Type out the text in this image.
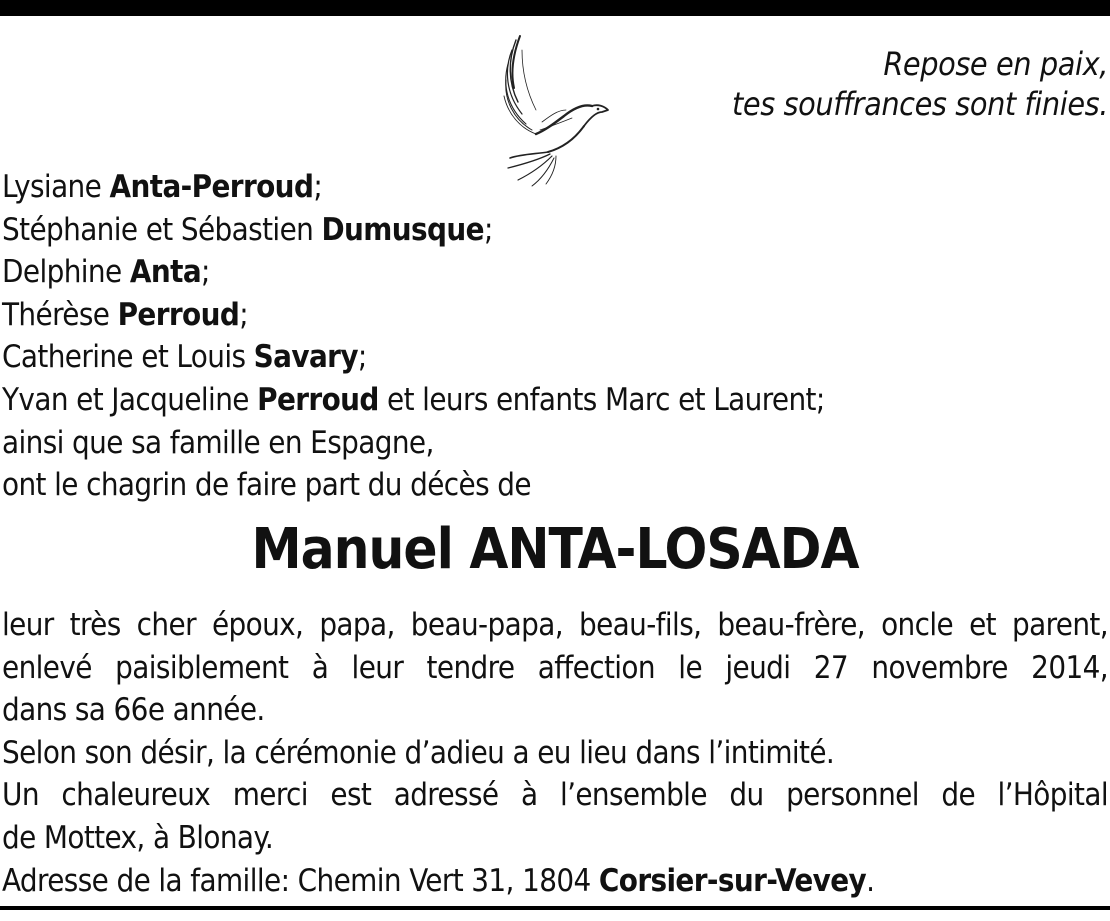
Repose en paix,
tes souffrances sont finies.
Lysiane Anta-Perroud;
Stéphanie et Sébastien Dumusque;
Delphine Anta;
Thérèse Perroud;
Catherine et Louis Savary;
Yvan et Jacqueline Perroud et leurs enfants Marc et Laurent;
ainsi que sa famille en Espagne,
ont le chagrin de faire part du décès de
Manuel ANTA-LOSADA
leur très cher époux, papa, beau-papa, beau-fils, beau-frère, oncle et parent,
enlevé paisiblement à leur tendre affection le jeudi 27 novembre 2014,
dans sa 66e année.
Selon son désir, la cérémonie d’adieu a eu lieu dans l’intimité.
Un chaleureux merci est adressé à l’ensemble du personnel de l’Hôpital
de Mottex, à Blonay.
Adresse de la famille: Chemin Vert 31, 1804 Corsier-sur-Vevey.
